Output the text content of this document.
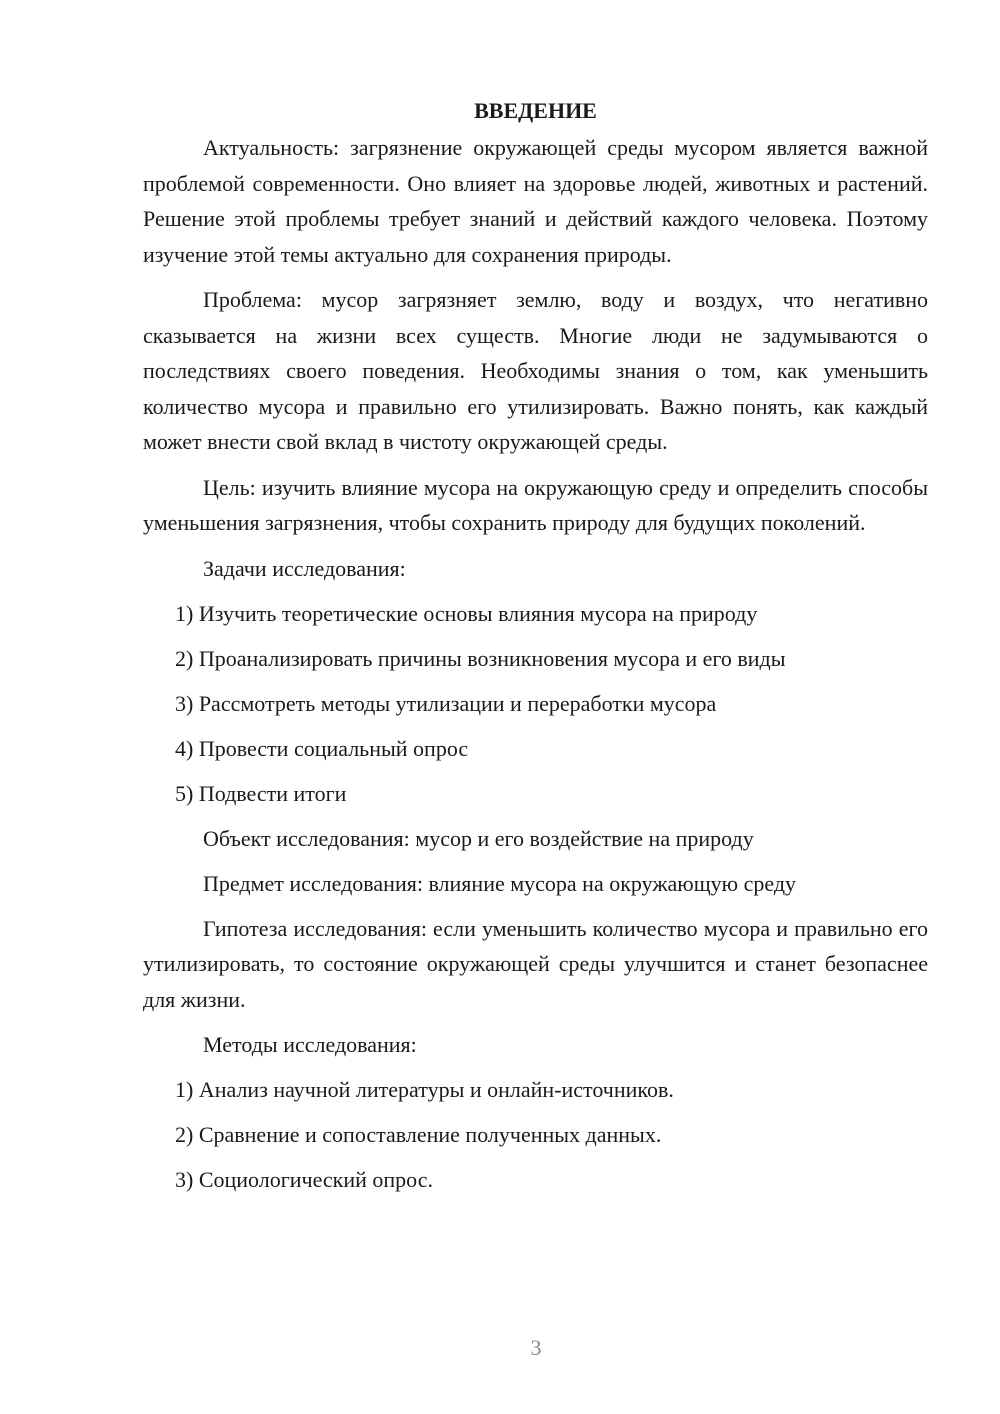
ВВЕДЕНИЕ

Актуальность: загрязнение окружающей среды мусором является важной проблемой современности. Оно влияет на здоровье людей, животных и растений. Решение этой проблемы требует знаний и действий каждого человека. Поэтому изучение этой темы актуально для сохранения природы.

Проблема: мусор загрязняет землю, воду и воздух, что негативно сказывается на жизни всех существ. Многие люди не задумываются о последствиях своего поведения. Необходимы знания о том, как уменьшить количество мусора и правильно его утилизировать. Важно понять, как каждый может внести свой вклад в чистоту окружающей среды.

Цель: изучить влияние мусора на окружающую среду и определить способы уменьшения загрязнения, чтобы сохранить природу для будущих поколений.

Задачи исследования:
1) Изучить теоретические основы влияния мусора на природу
2) Проанализировать причины возникновения мусора и его виды
3) Рассмотреть методы утилизации и переработки мусора
4) Провести социальный опрос
5) Подвести итоги
Объект исследования: мусор и его воздействие на природу
Предмет исследования: влияние мусора на окружающую среду

Гипотеза исследования: если уменьшить количество мусора и правильно его утилизировать, то состояние окружающей среды улучшится и станет безопаснее для жизни.

Методы исследования:
1) Анализ научной литературы и онлайн-источников.
2) Сравнение и сопоставление полученных данных.
3) Социологический опрос.
3
